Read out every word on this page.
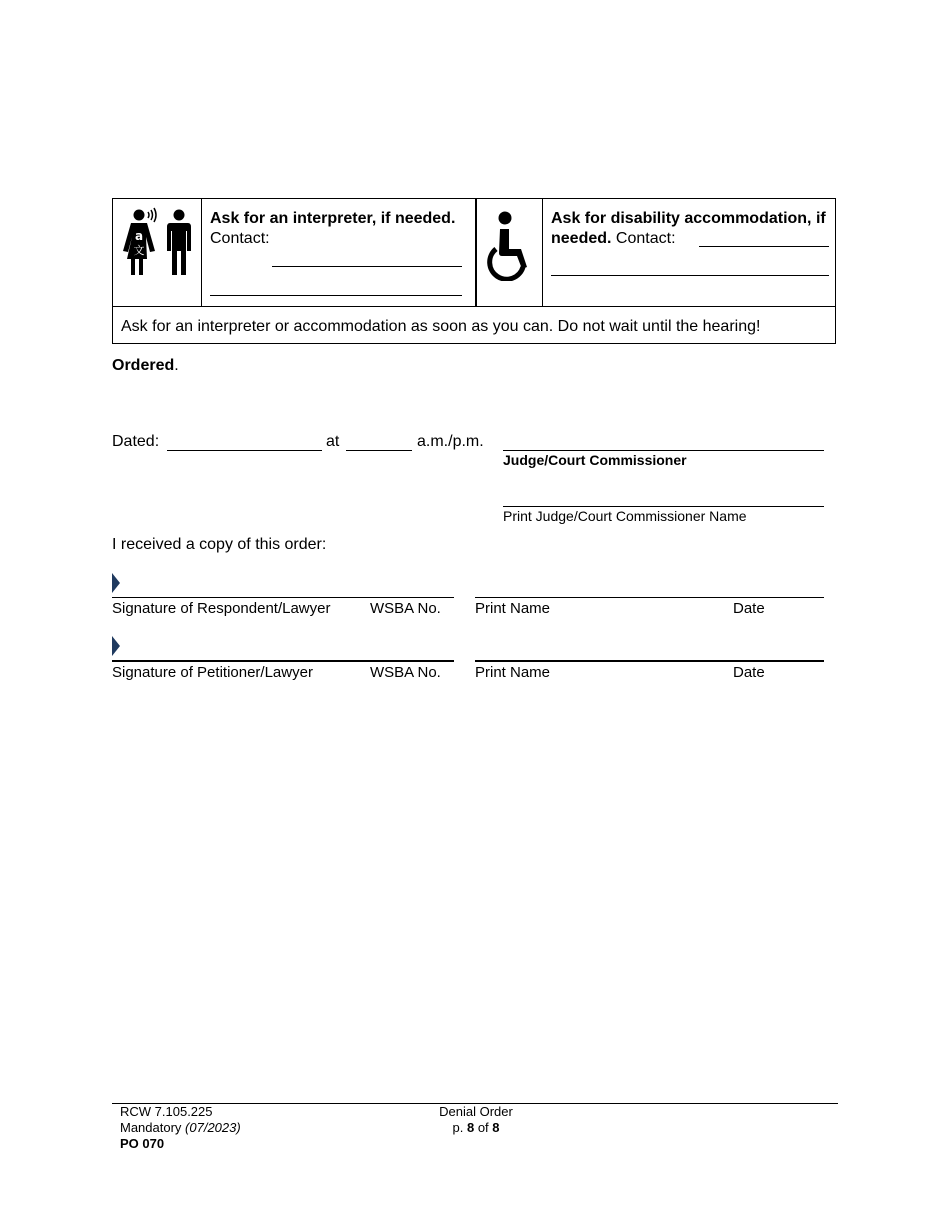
a
文
Ask for an interpreter, if needed.
Contact:
Ask for disability accommodation, if needed. Contact:
Ask for an interpreter or accommodation as soon as you can. Do not wait until the hearing!
Ordered.
Dated:	at	a.m./p.m.
Judge/Court Commissioner
Print Judge/Court Commissioner Name
I received a copy of this order:
Signature of Respondent/Lawyer	WSBA No. Print Name	Date
Signature of Petitioner/Lawyer	WSBA No. Print Name	Date
RCW 7.105.225
Mandatory (07/2023)
PO 070
Denial Order
p. 8 of 8
